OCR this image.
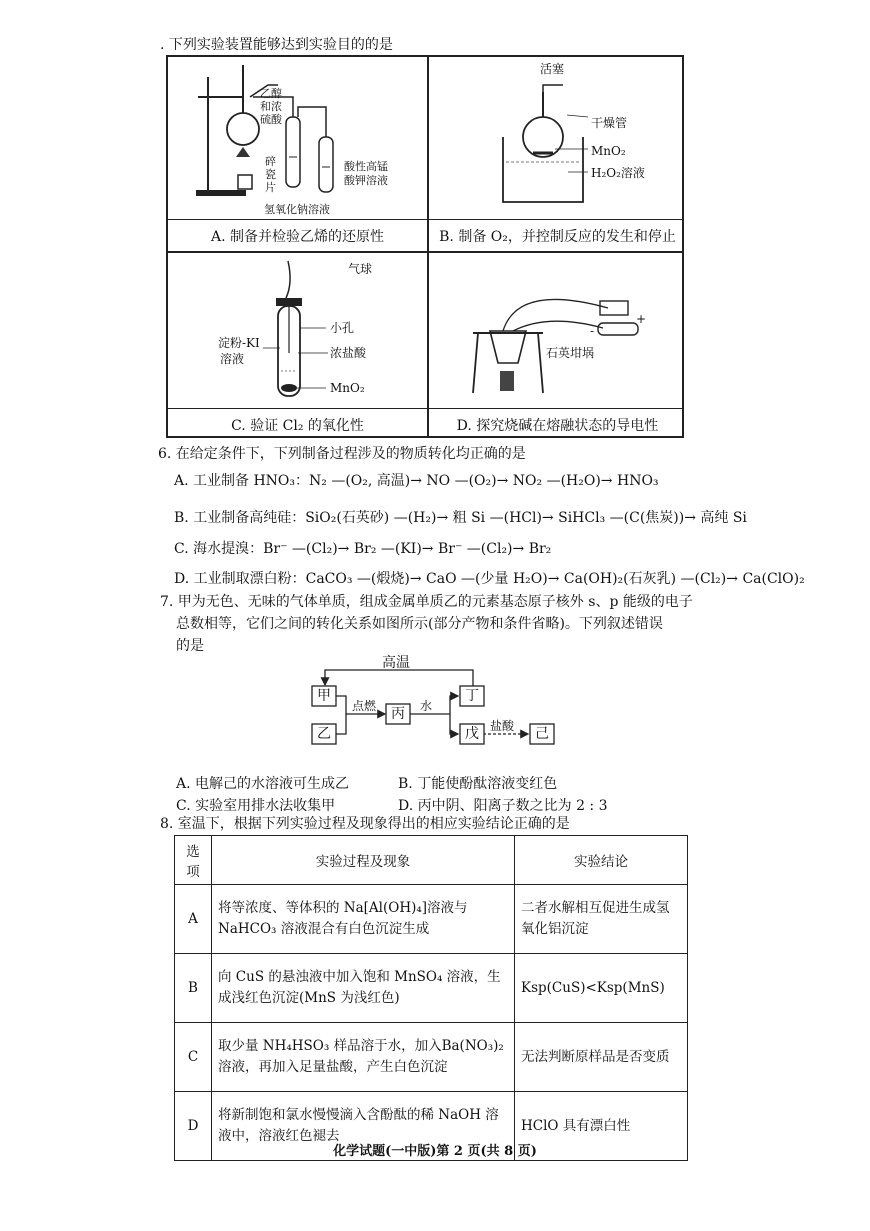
. 下列实验装置能够达到实验目的的是
乙醇
和浓
硫酸
碎
瓷
片
酸性高锰
酸钾溶液
氢氧化钠溶液
A. 制备并检验乙烯的还原性
活塞
干燥管
MnO₂
H₂O₂溶液
B. 制备 O₂，并控制反应的发生和停止
气球
小孔
淀粉-KI
溶液	浓盐酸
MnO₂
C. 验证 Cl₂ 的氧化性
+
-
石英坩埚
D. 探究烧碱在熔融状态的导电性
6. 在给定条件下，下列制备过程涉及的物质转化均正确的是
A. 工业制备 HNO₃：N₂ —(O₂, 高温)→ NO —(O₂)→ NO₂ —(H₂O)→ HNO₃
B. 工业制备高纯硅：SiO₂(石英砂) —(H₂)→ 粗 Si —(HCl)→ SiHCl₃ —(C(焦炭))→ 高纯 Si
C. 海水提溴：Br⁻ —(Cl₂)→ Br₂ —(KI)→ Br⁻ —(Cl₂)→ Br₂
D. 工业制取漂白粉：CaCO₃ —(煅烧)→ CaO —(少量 H₂O)→ Ca(OH)₂(石灰乳) —(Cl₂)→ Ca(ClO)₂
7. 甲为无色、无味的气体单质，组成金属单质乙的元素基态原子核外 s、p 能级的电子
总数相等，它们之间的转化关系如图所示(部分产物和条件省略)。下列叙述错误
的是
高温
甲
乙
丙
丁
戊	己
点燃	水
盐酸
A. 电解己的水溶液可生成乙	B. 丁能使酚酞溶液变红色
C. 实验室用排水法收集甲	D. 丙中阴、阳离子数之比为 2 : 3
8. 室温下，根据下列实验过程及现象得出的相应实验结论正确的是
选项	实验过程及现象	实验结论
A	将等浓度、等体积的 Na[Al(OH)₄]溶液与 NaHCO₃ 溶液混合有白色沉淀生成	二者水解相互促进生成氢氧化铝沉淀
B	向 CuS 的悬浊液中加入饱和 MnSO₄ 溶液，生成浅红色沉淀(MnS 为浅红色)	Ksp(CuS)<Ksp(MnS)
C	取少量 NH₄HSO₃ 样品溶于水，加入Ba(NO₃)₂ 溶液，再加入足量盐酸，产生白色沉淀	无法判断原样品是否变质
D	将新制饱和氯水慢慢滴入含酚酞的稀 NaOH 溶液中，溶液红色褪去	HClO 具有漂白性
化学试题(一中版)第 2 页(共 8 页)
